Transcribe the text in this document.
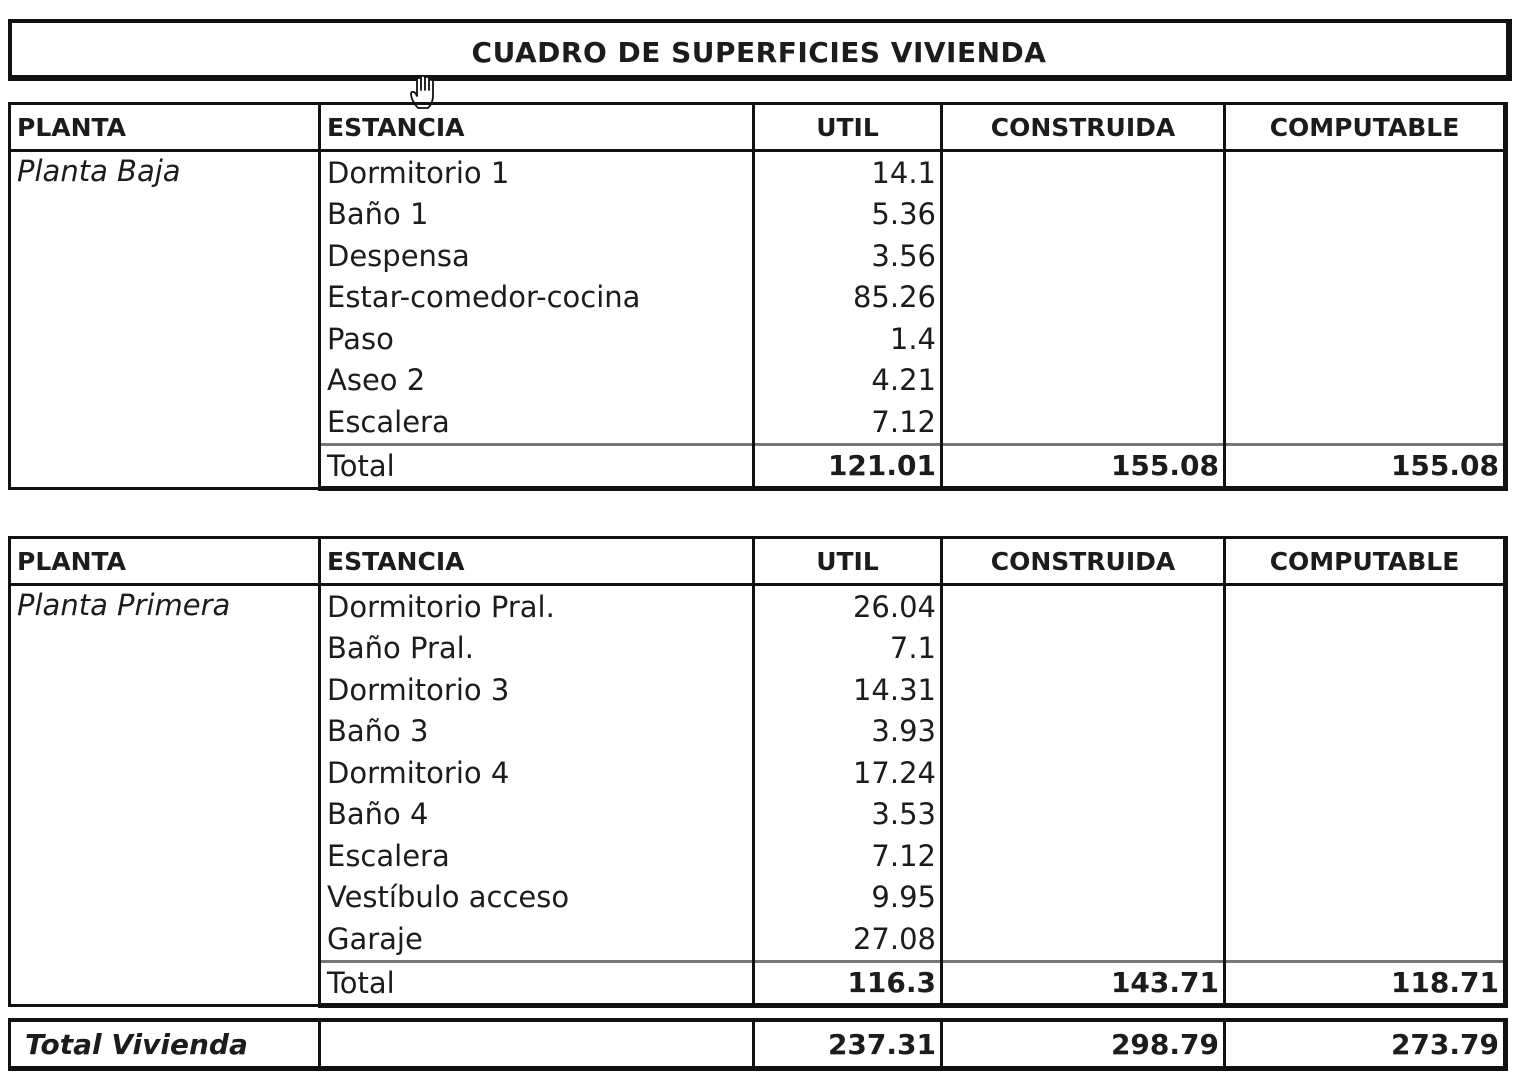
CUADRO DE SUPERFICIES VIVIENDA
PLANTA	ESTANCIA	UTIL	CONSTRUIDA	COMPUTABLE
Planta Baja	Dormitorio 1	14.1		
	Baño 1	5.36		
	Despensa	3.56		
	Estar-comedor-cocina	85.26		
	Paso	1.4		
	Aseo 2	4.21		
	Escalera	7.12		
	Total	121.01	155.08	155.08
PLANTA	ESTANCIA	UTIL	CONSTRUIDA	COMPUTABLE
Planta Primera	Dormitorio Pral.	26.04		
	Baño Pral.	7.1		
	Dormitorio 3	14.31		
	Baño 3	3.93		
	Dormitorio 4	17.24		
	Baño 4	3.53		
	Escalera	7.12		
	Vestíbulo acceso	9.95		
	Garaje	27.08		
	Total	116.3	143.71	118.71
Total Vivienda		237.31	298.79	273.79
